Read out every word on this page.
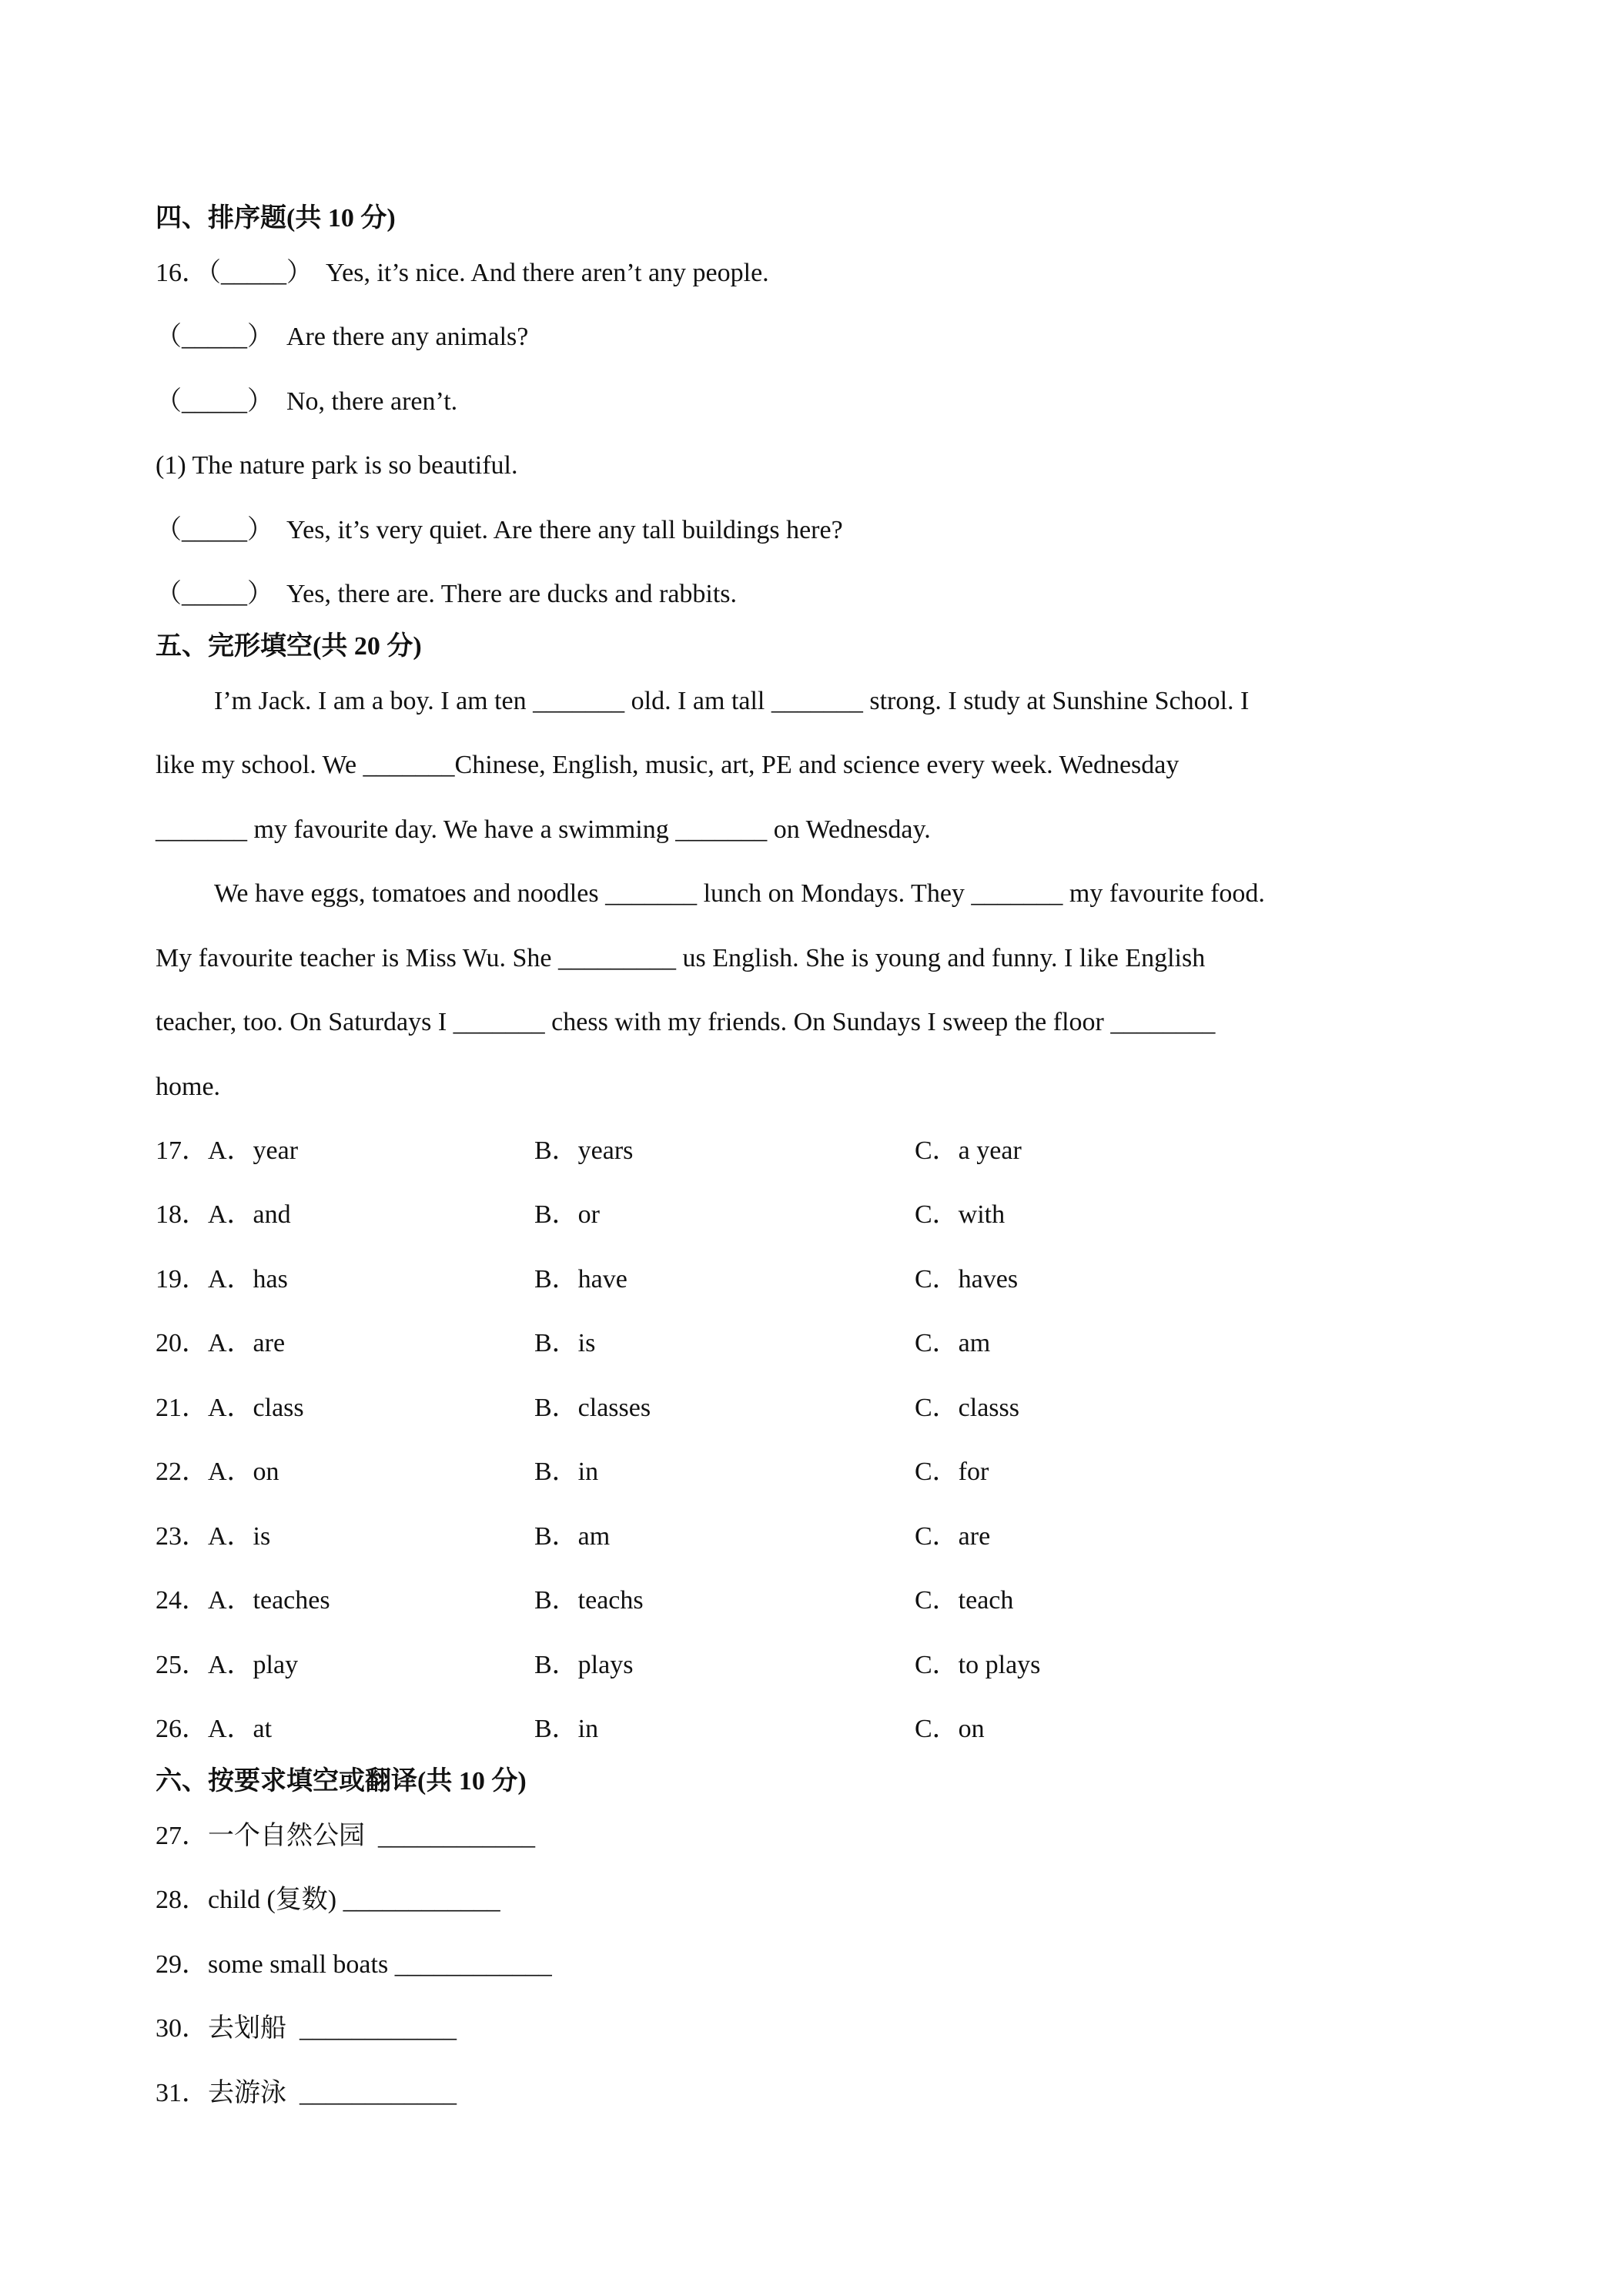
四、排序题(共 10 分)
16．（_____）  Yes, it’s nice. And there aren’t any people.
（_____）  Are there any animals?
（_____）  No, there aren’t.
(1) The nature park is so beautiful.
（_____）  Yes, it’s very quiet. Are there any tall buildings here?
（_____）  Yes, there are. There are ducks and rabbits.
五、完形填空(共 20 分)
I’m Jack. I am a boy. I am ten _______ old. I am tall _______ strong. I study at Sunshine School. I
like my school. We _______Chinese, English, music, art, PE and science every week. Wednesday
_______ my favourite day. We have a swimming _______ on Wednesday.
We have eggs, tomatoes and noodles _______ lunch on Mondays. They _______ my favourite food.
My favourite teacher is Miss Wu. She _________ us English. She is young and funny. I like English
teacher, too. On Saturdays I _______ chess with my friends. On Sundays I sweep the floor ________
home.
17．A．year	B．years	C．a year
18．A．and	B．or	C．with
19．A．has	B．have	C．haves
20．A．are	B．is	C．am
21．A．class	B．classes	C．classs
22．A．on	B．in	C．for
23．A．is	B．am	C．are
24．A．teaches	B．teachs	C．teach
25．A．play	B．plays	C．to plays
26．A．at	B．in	C．on
六、按要求填空或翻译(共 10 分)
27．一个自然公园  ____________
28．child (复数) ____________
29．some small boats ____________
30．去划船  ____________
31．去游泳  ____________
